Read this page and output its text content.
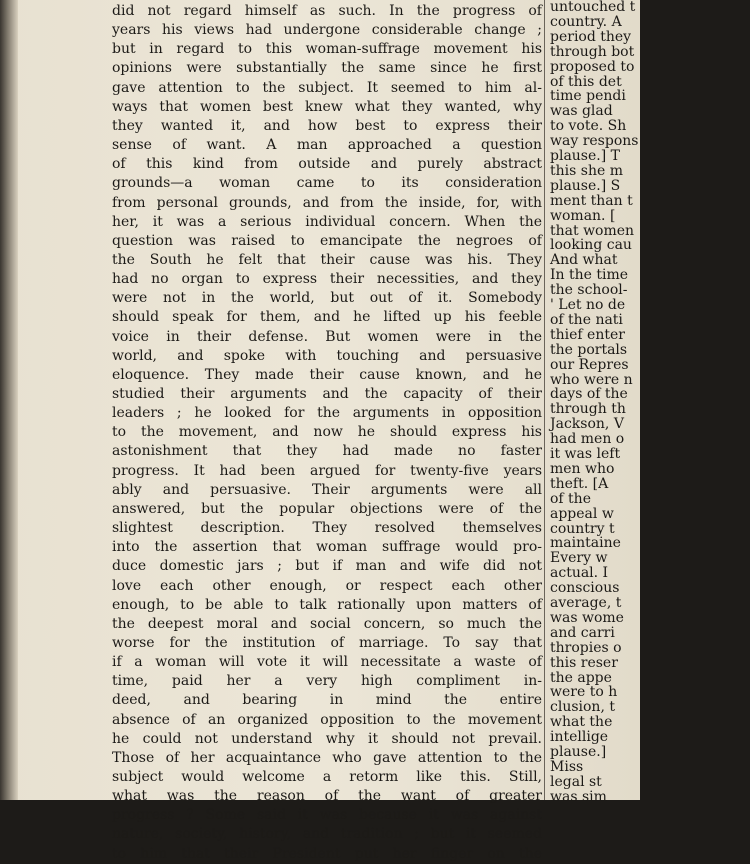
did not regard himself as such. In the progress of
years his views had undergone considerable change ;
but in regard to this woman-suffrage movement his
opinions were substantially the same since he first
gave attention to the subject. It seemed to him al-
ways that women best knew what they wanted, why
they wanted it, and how best to express their
sense of want. A man approached a question
of this kind from outside and purely abstract
grounds—a woman came to its consideration
from personal grounds, and from the inside, for, with
her, it was a serious individual concern. When the
question was raised to emancipate the negroes of
the South he felt that their cause was his. They
had no organ to express their necessities, and they
were not in the world, but out of it. Somebody
should speak for them, and he lifted up his feeble
voice in their defense. But women were in the
world, and spoke with touching and persuasive
eloquence. They made their cause known, and he
studied their arguments and the capacity of their
leaders ; he looked for the arguments in opposition
to the movement, and now he should express his
astonishment that they had made no faster
progress. It had been argued for twenty-five years
ably and persuasive. Their arguments were all
answered, but the popular objections were of the
slightest description. They resolved themselves
into the assertion that woman suffrage would pro-
duce domestic jars ; but if man and wife did not
love each other enough, or respect each other
enough, to be able to talk rationally upon matters of
the deepest moral and social concern, so much the
worse for the institution of marriage. To say that
if a woman will vote it will necessitate a waste of
time, paid her a very high compliment in-
deed, and bearing in mind the entire
absence of an organized opposition to the movement
he could not understand why it should not prevail.
Those of her acquaintance who gave attention to the
subject would welcome a retorm like this. Still,
what was the reason of the want of greater
progress ? Some said it was because it was against
nature, society, history, and tradition ; but it seemed
to him that their President put her finger on the
untouched t
country. A
period they
through bot
proposed to
of this det
time pendi
was glad
to vote. Sh
way respons
plause.] T
this she m
plause.] S
ment than t
woman. [
that women
looking cau
And what
In the time
the school-
' Let no de
of the nati
thief enter
the portals
our Repres
who were n
days of the
through th
Jackson, V
had men o
it was left
men who
theft. [A
of the
appeal w
country t
maintaine
Every w
actual. I
conscious
average, t
was wome
and carri
thropies o
this reser
the appe
were to h
clusion, t
what the
intellige
plause.]
Miss
legal st
was sim
